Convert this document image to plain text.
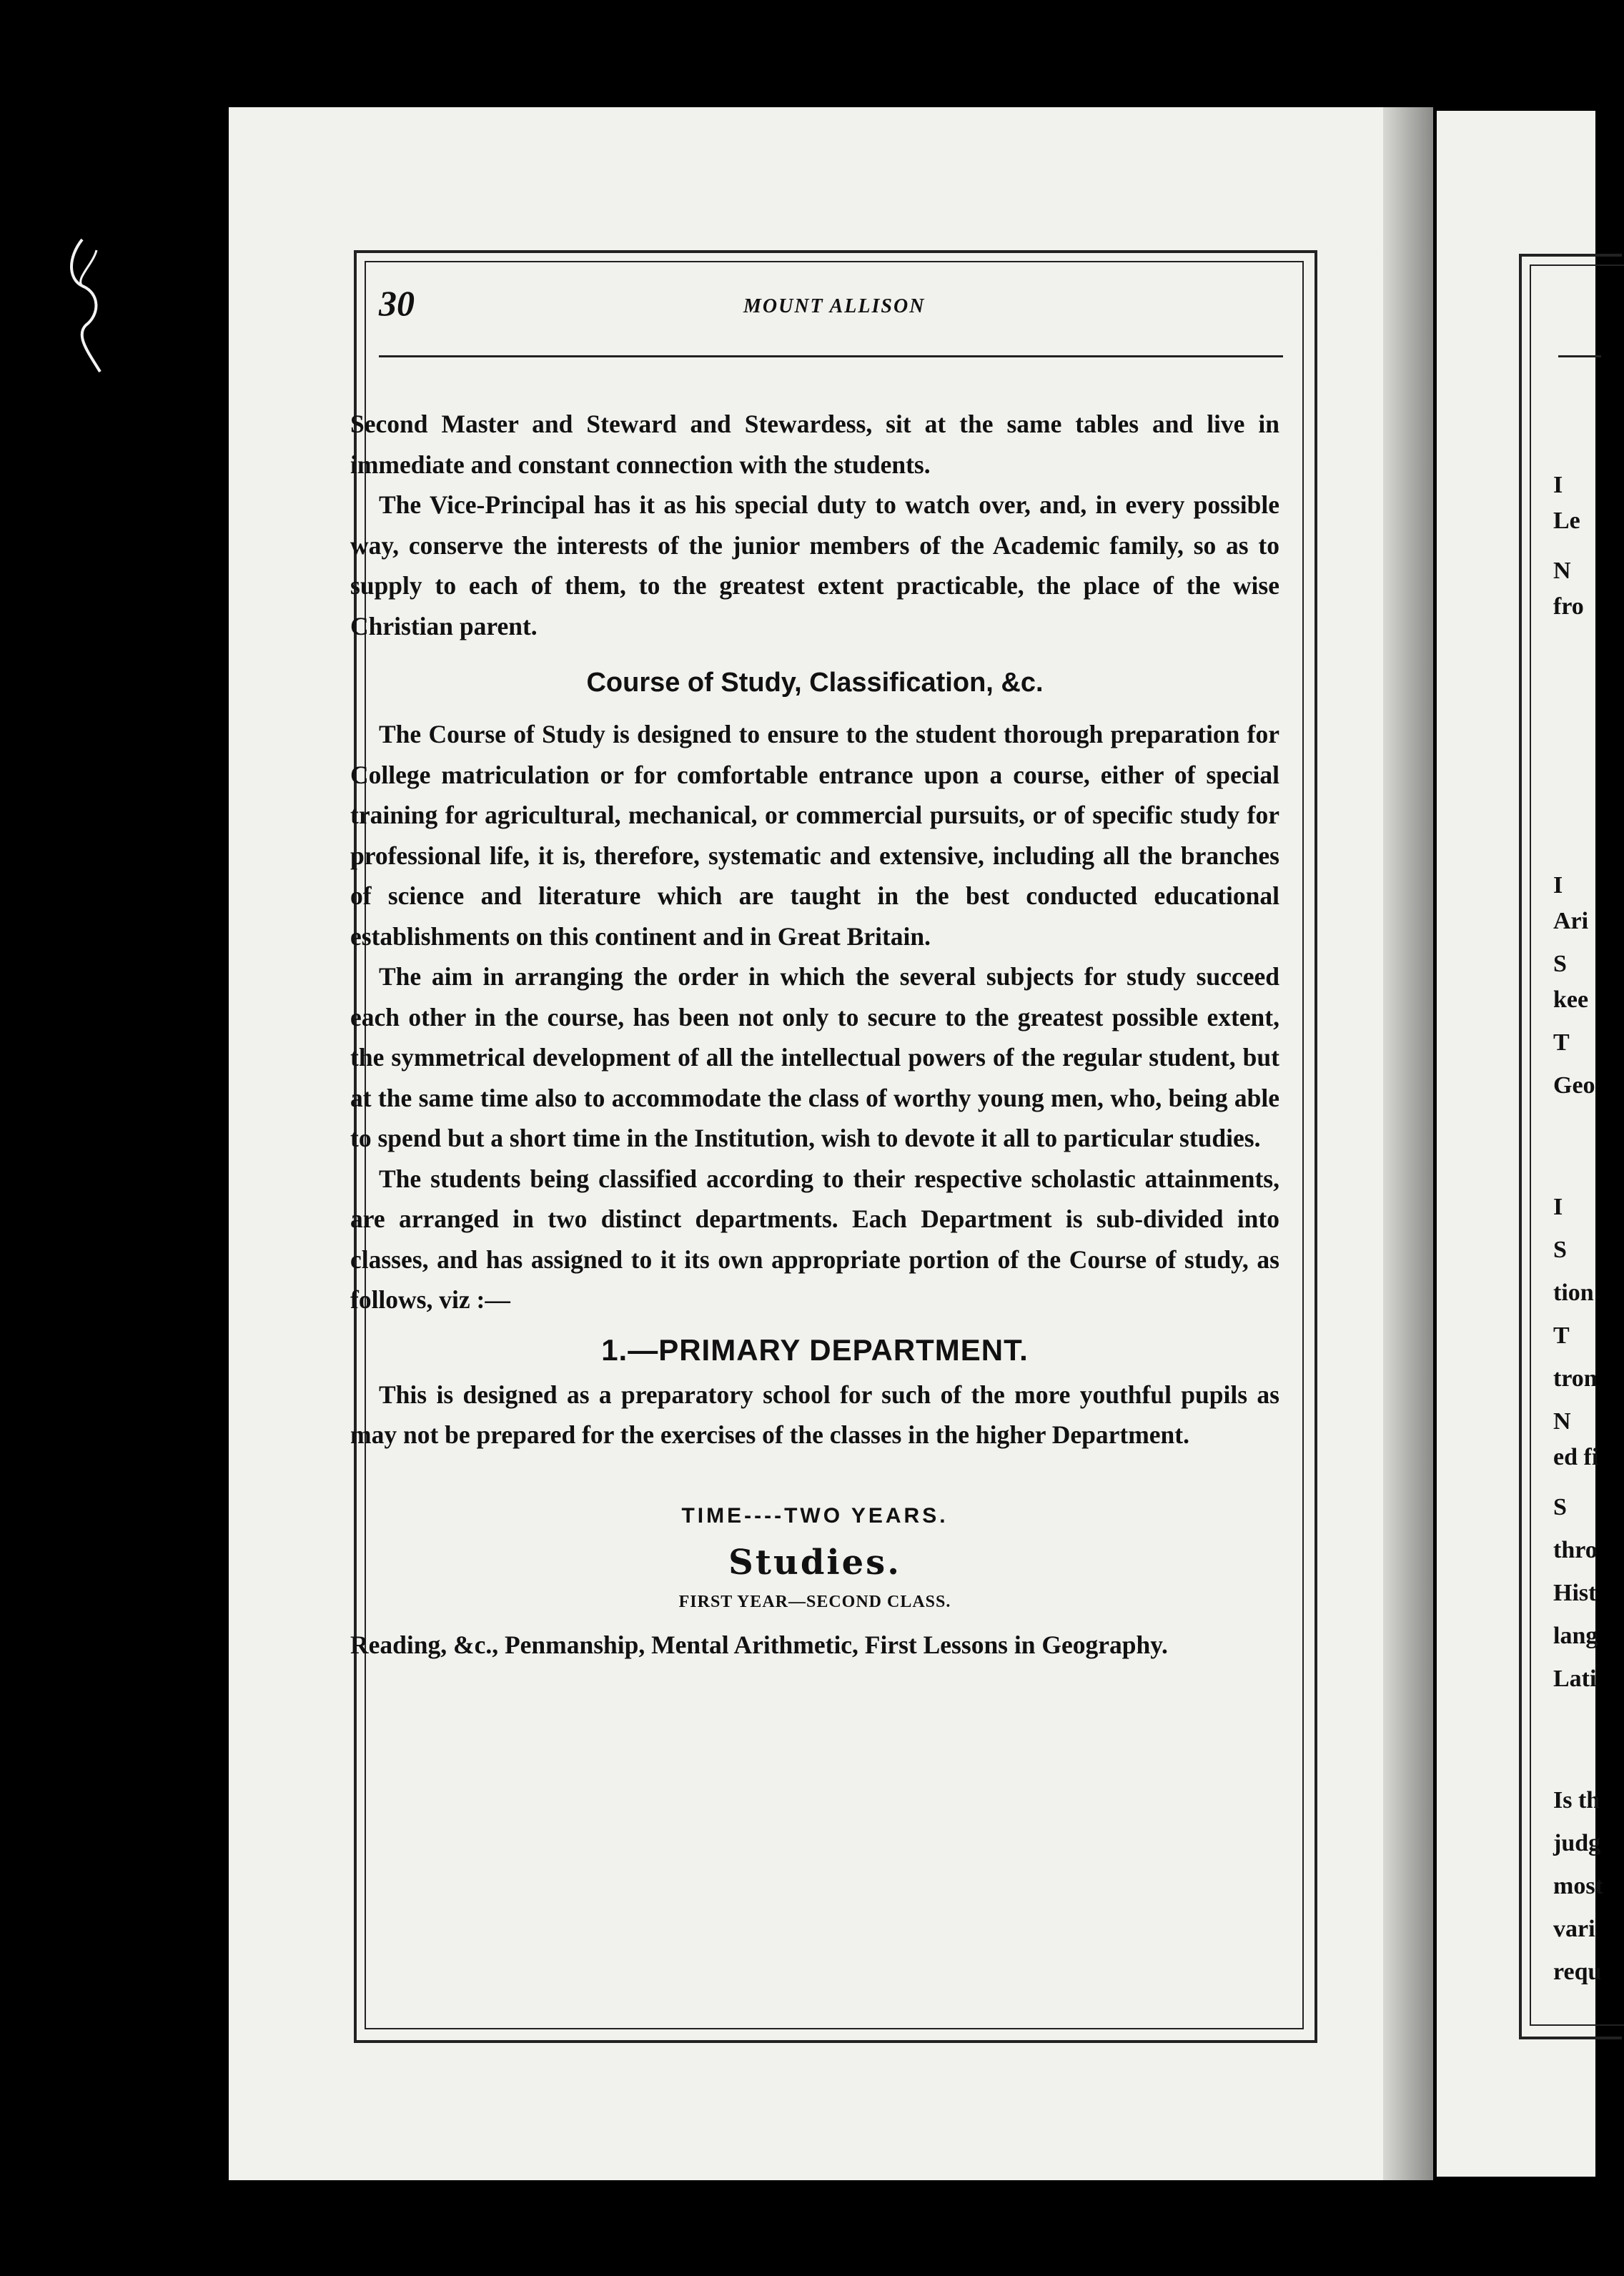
30	MOUNT ALLISON

Second Master and Steward and Stewardess, sit at the same tables and live in immediate and constant connection with the students.

The Vice-Principal has it as his special duty to watch over, and, in every possible way, conserve the interests of the junior members of the Academic family, so as to supply to each of them, to the greatest extent practicable, the place of the wise Christian parent.

Course of Study, Classification, &c.

The Course of Study is designed to ensure to the student thorough preparation for College matriculation or for comfortable entrance upon a course, either of special training for agricultural, mechanical, or commercial pursuits, or of specific study for professional life, it is, therefore, systematic and extensive, including all the branches of science and literature which are taught in the best conducted educational establishments on this continent and in Great Britain.

The aim in arranging the order in which the several subjects for study succeed each other in the course, has been not only to secure to the greatest possible extent, the symmetrical development of all the intellectual powers of the regular student, but at the same time also to accommodate the class of worthy young men, who, being able to spend but a short time in the Institution, wish to devote it all to particular studies.

The students being classified according to their respective scholastic attainments, are arranged in two distinct departments. Each Department is sub-divided into classes, and has assigned to it its own appropriate portion of the Course of study, as follows, viz :—

1.—PRIMARY DEPARTMENT.

This is designed as a preparatory school for such of the more youthful pupils as may not be prepared for the exercises of the classes in the higher Department.

TIME----TWO YEARS.
Studies.
FIRST YEAR—SECOND CLASS.

Reading, &c., Penmanship, Mental Arithmetic, First Lessons in Geography.

I
Le
N
fro
I
Ari
S
kee
T
Geo
I
S
tion
T
tron
N
ed fi
S
thro
Hist
lang
Lati
Is th
judg
most
vari
requ
